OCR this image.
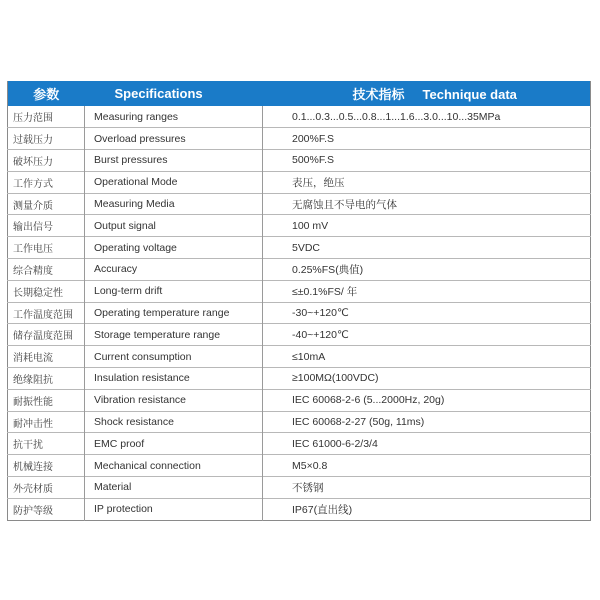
参数	Specifications	技术指标 Technique data
压力范围	Measuring ranges	0.1...0.3...0.5...0.8...1...1.6...3.0...10...35MPa
过载压力	Overload pressures	200%F.S
破坏压力	Burst pressures	500%F.S
工作方式	Operational Mode	表压，绝压
测量介质	Measuring Media	无腐蚀且不导电的气体
输出信号	Output signal	100 mV
工作电压	Operating voltage	5VDC
综合精度	Accuracy	0.25%FS(典值)
长期稳定性	Long-term drift	≤±0.1%FS/ 年
工作温度范围	Operating temperature range	-30~+120℃
储存温度范围	Storage temperature range	-40~+120℃
消耗电流	Current consumption	≤10mA
绝缘阻抗	Insulation resistance	≥100MΩ(100VDC)
耐振性能	Vibration resistance	IEC 60068-2-6 (5...2000Hz, 20g)
耐冲击性	Shock resistance	IEC 60068-2-27 (50g, 11ms)
抗干扰	EMC proof	IEC 61000-6-2/3/4
机械连接	Mechanical connection	M5×0.8
外壳材质	Material	不锈钢
防护等级	IP protection	IP67(直出线)
